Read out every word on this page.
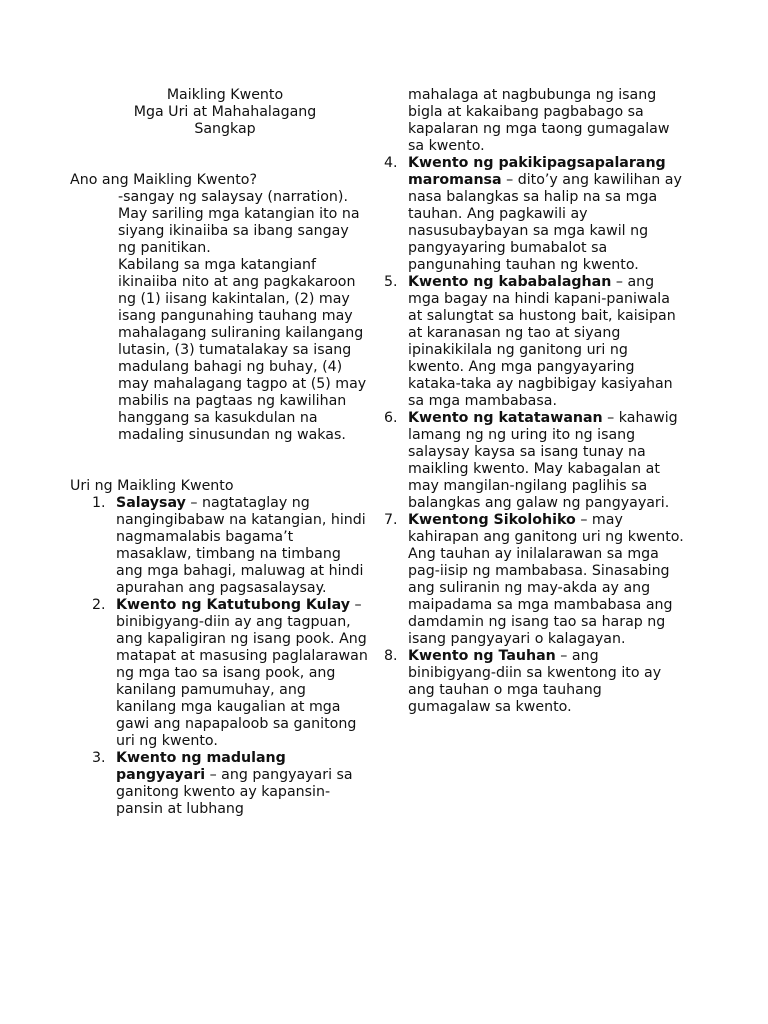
Maikling Kwento
Mga Uri at Mahahalagang
Sangkap
Ano ang Maikling Kwento?

-sangay ng salaysay (narration). May sariling mga katangian ito na siyang ikinaiiba sa ibang sangay ng panitikan.

Kabilang sa mga katangianf ikinaiiba nito at ang pagkakaroon ng (1) iisang kakintalan, (2) may isang pangunahing tauhang may mahalagang suliraning kailangang lutasin, (3) tumatalakay sa isang madulang bahagi ng buhay, (4) may mahalagang tagpo at (5) may mabilis na pagtaas ng kawilihan hanggang sa kasukdulan na madaling sinusundan ng wakas.

Uri ng Maikling Kwento
1. Salaysay – nagtataglay ng nangingibabaw na katangian, hindi nagmamalabis bagama’t masaklaw, timbang na timbang ang mga bahagi, maluwag at hindi apurahan ang pagsasalaysay.
2. Kwento ng Katutubong Kulay – binibigyang-diin ay ang tagpuan, ang kapaligiran ng isang pook. Ang matapat at masusing paglalarawan ng mga tao sa isang pook, ang kanilang pamumuhay, ang kanilang mga kaugalian at mga gawi ang napapaloob sa ganitong uri ng kwento.
3. Kwento ng madulang pangyayari – ang pangyayari sa ganitong kwento ay kapansin-pansin at lubhang
mahalaga at nagbubunga ng isang bigla at kakaibang pagbabago sa kapalaran ng mga taong gumagalaw sa kwento.
4. Kwento ng pakikipagsapalarang maromansa – dito’y ang kawilihan ay nasa balangkas sa halip na sa mga tauhan. Ang pagkawili ay nasusubaybayan sa mga kawil ng pangyayaring bumabalot sa pangunahing tauhan ng kwento.
5. Kwento ng kababalaghan – ang mga bagay na hindi kapani-paniwala at salungtat sa hustong bait, kaisipan at karanasan ng tao at siyang ipinakikilala ng ganitong uri ng kwento. Ang mga pangyayaring kataka-taka ay nagbibigay kasiyahan sa mga mambabasa.
6. Kwento ng katatawanan – kahawig lamang ng ng uring ito ng isang salaysay kaysa sa isang tunay na maikling kwento. May kabagalan at may mangilan-ngilang paglihis sa balangkas ang galaw ng pangyayari.
7. Kwentong Sikolohiko – may kahirapan ang ganitong uri ng kwento. Ang tauhan ay inilalarawan sa mga pag-iisip ng mambabasa. Sinasabing ang suliranin ng may-akda ay ang maipadama sa mga mambabasa ang damdamin ng isang tao sa harap ng isang pangyayari o kalagayan.
8. Kwento ng Tauhan – ang binibigyang-diin sa kwentong ito ay ang tauhan o mga tauhang gumagalaw sa kwento.
